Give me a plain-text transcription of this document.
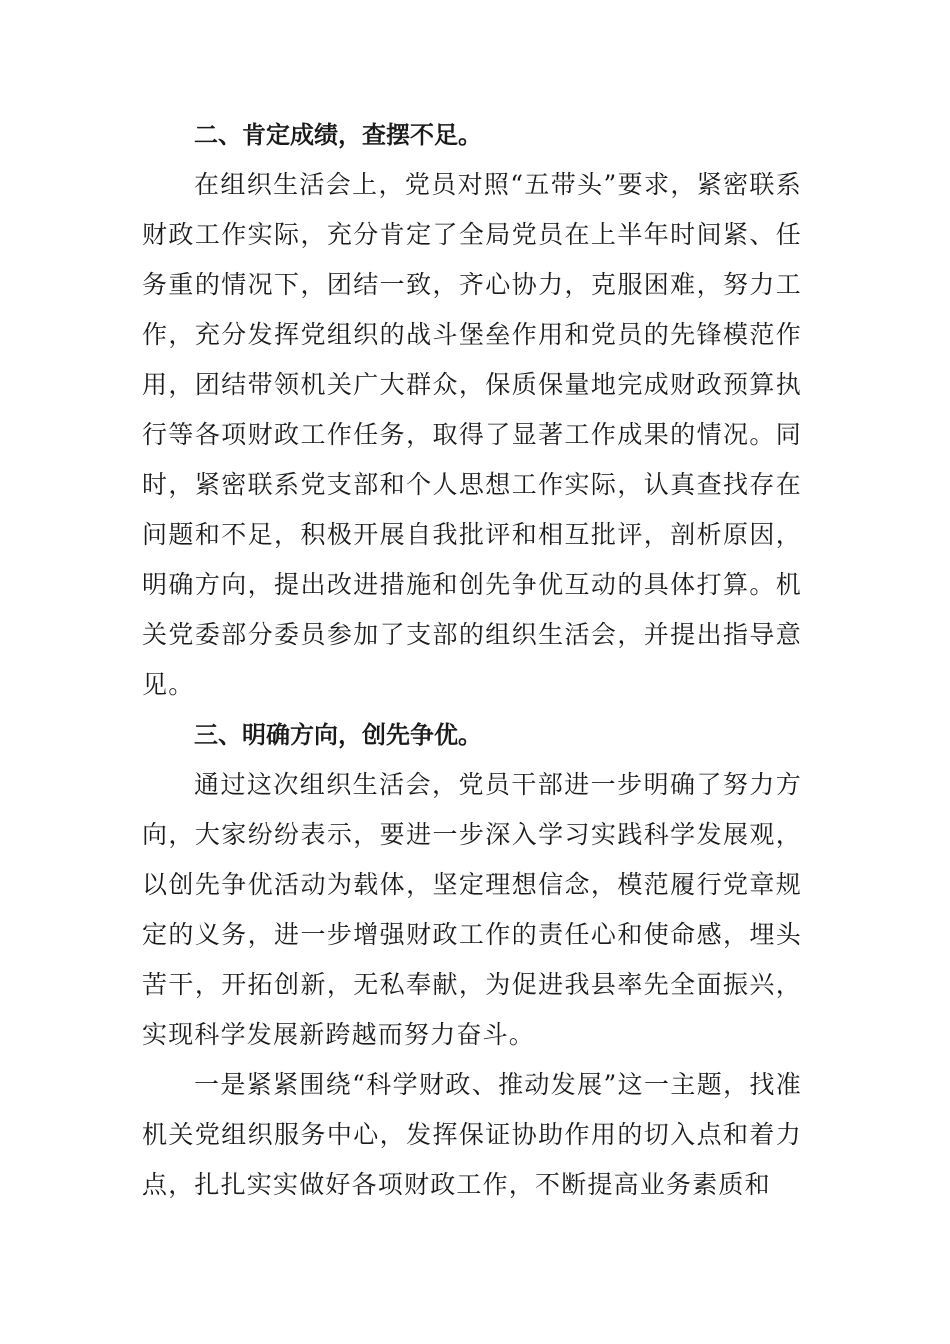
二、肯定成绩，查摆不足。

在组织生活会上，党员对照“五带头”要求，紧密联系财政工作实际，充分肯定了全局党员在上半年时间紧、任务重的情况下，团结一致，齐心协力，克服困难，努力工作，充分发挥党组织的战斗堡垒作用和党员的先锋模范作用，团结带领机关广大群众，保质保量地完成财政预算执行等各项财政工作任务，取得了显著工作成果的情况。同时，紧密联系党支部和个人思想工作实际，认真查找存在问题和不足，积极开展自我批评和相互批评，剖析原因，明确方向，提出改进措施和创先争优互动的具体打算。机关党委部分委员参加了支部的组织生活会，并提出指导意见。

三、明确方向，创先争优。

通过这次组织生活会，党员干部进一步明确了努力方向，大家纷纷表示，要进一步深入学习实践科学发展观，以创先争优活动为载体，坚定理想信念，模范履行党章规定的义务，进一步增强财政工作的责任心和使命感，埋头苦干，开拓创新，无私奉献，为促进我县率先全面振兴，实现科学发展新跨越而努力奋斗。

一是紧紧围绕“科学财政、推动发展”这一主题，找准机关党组织服务中心，发挥保证协助作用的切入点和着力点，扎扎实实做好各项财政工作，不断提高业务素质和
